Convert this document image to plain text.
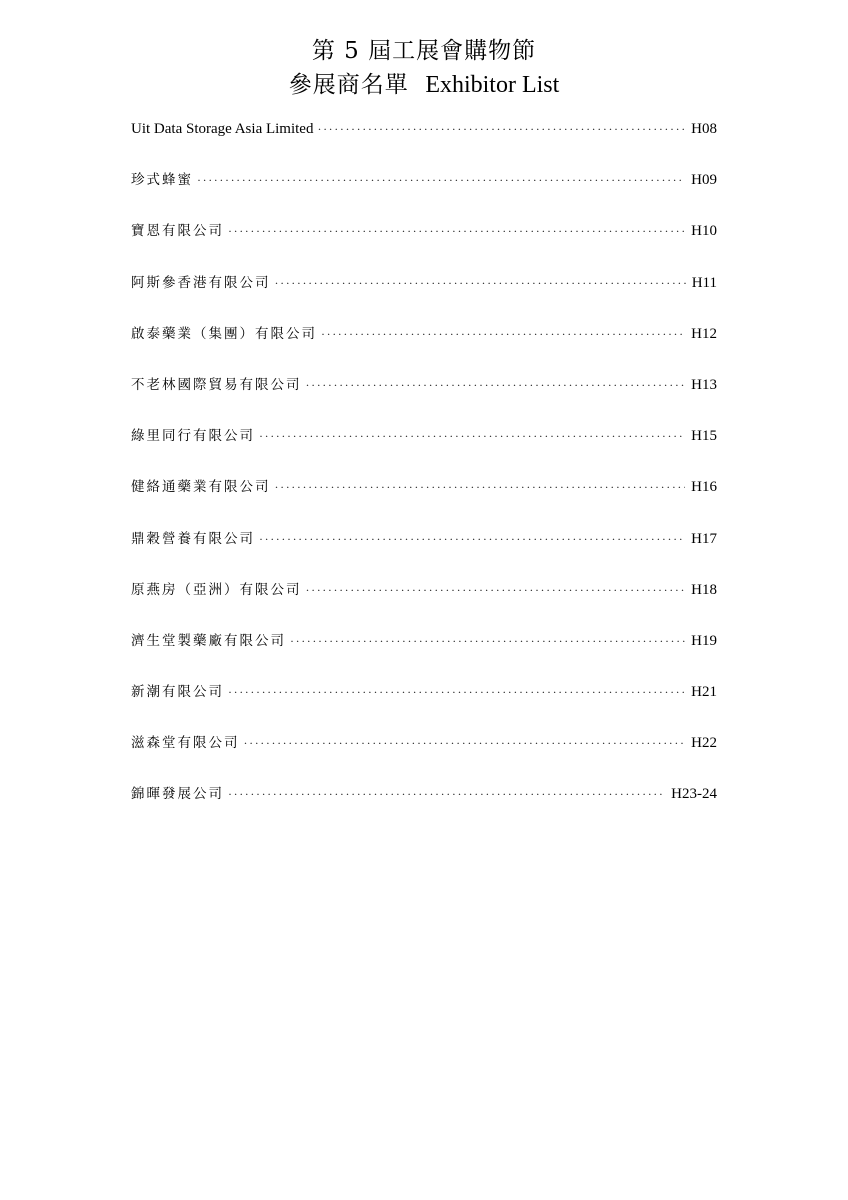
第 5 屆工展會購物節
參展商名單 Exhibitor List
Uit Data Storage Asia Limited ·····	H08
珍式蜂蜜 ·····	H09
寶恩有限公司 ·····	H10
阿斯參香港有限公司 ·····	H11
啟泰藥業（集團）有限公司 ·····	H12
不老林國際貿易有限公司 ·····	H13
綠里同行有限公司 ·····	H15
健絡通藥業有限公司 ·····	H16
鼎穀營養有限公司 ·····	H17
原燕房（亞洲）有限公司 ·····	H18
濟生堂製藥廠有限公司 ·····	H19
新潮有限公司 ·····	H21
滋森堂有限公司 ·····	H22
錦暉發展公司 ·····	H23-24
